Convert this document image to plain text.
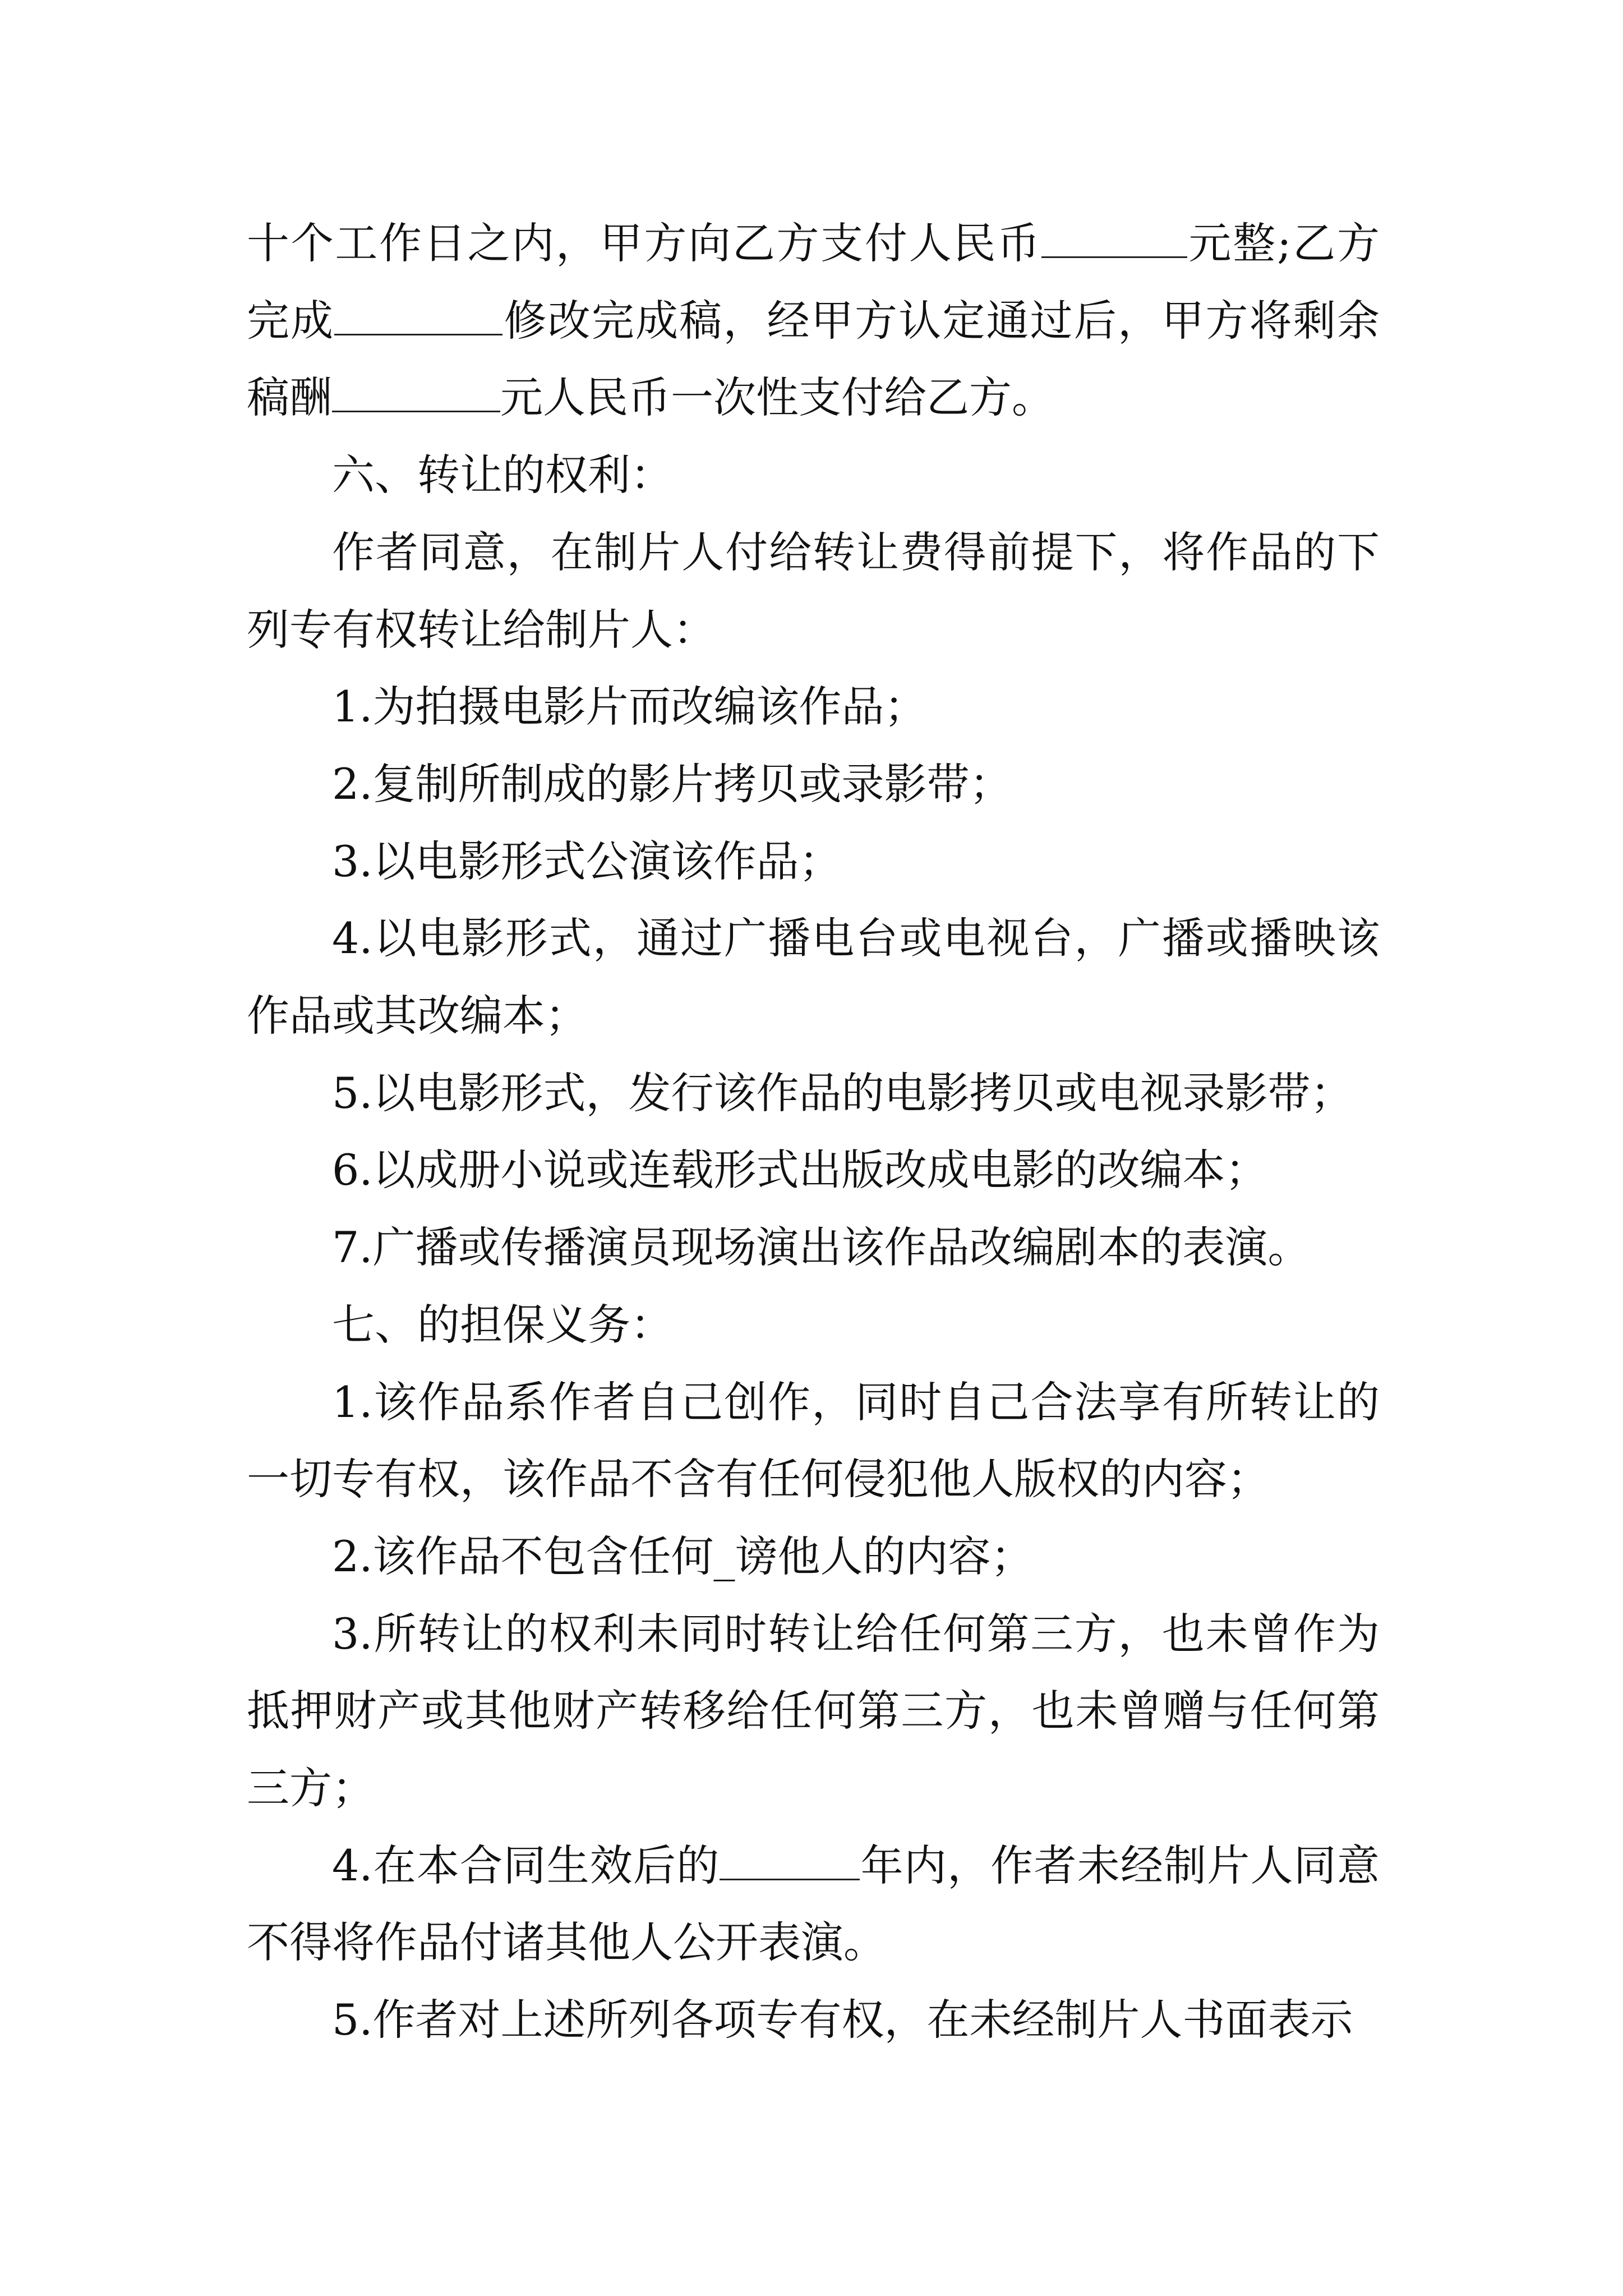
十个工作日之内，甲方向乙方支付人民币	元整;乙方完成	修改完成稿，经甲方认定通过后，甲方将剩余稿酬	元人民币一次性支付给乙方。

六、转让的权利：

作者同意，在制片人付给转让费得前提下，将作品的下列专有权转让给制片人：

1.为拍摄电影片而改编该作品；

2.复制所制成的影片拷贝或录影带；

3.以电影形式公演该作品；

4.以电影形式，通过广播电台或电视台，广播或播映该作品或其改编本；

5.以电影形式，发行该作品的电影拷贝或电视录影带；

6.以成册小说或连载形式出版改成电影的改编本；

7.广播或传播演员现场演出该作品改编剧本的表演。

七、的担保义务：

1.该作品系作者自己创作，同时自己合法享有所转让的一切专有权，该作品不含有任何侵犯他人版权的内容；

2.该作品不包含任何_谤他人的内容；

3.所转让的权利未同时转让给任何第三方，也未曾作为抵押财产或其他财产转移给任何第三方，也未曾赠与任何第三方；

4.在本合同生效后的	年内，作者未经制片人同意不得将作品付诸其他人公开表演。

5.作者对上述所列各项专有权，在未经制片人书面表示
